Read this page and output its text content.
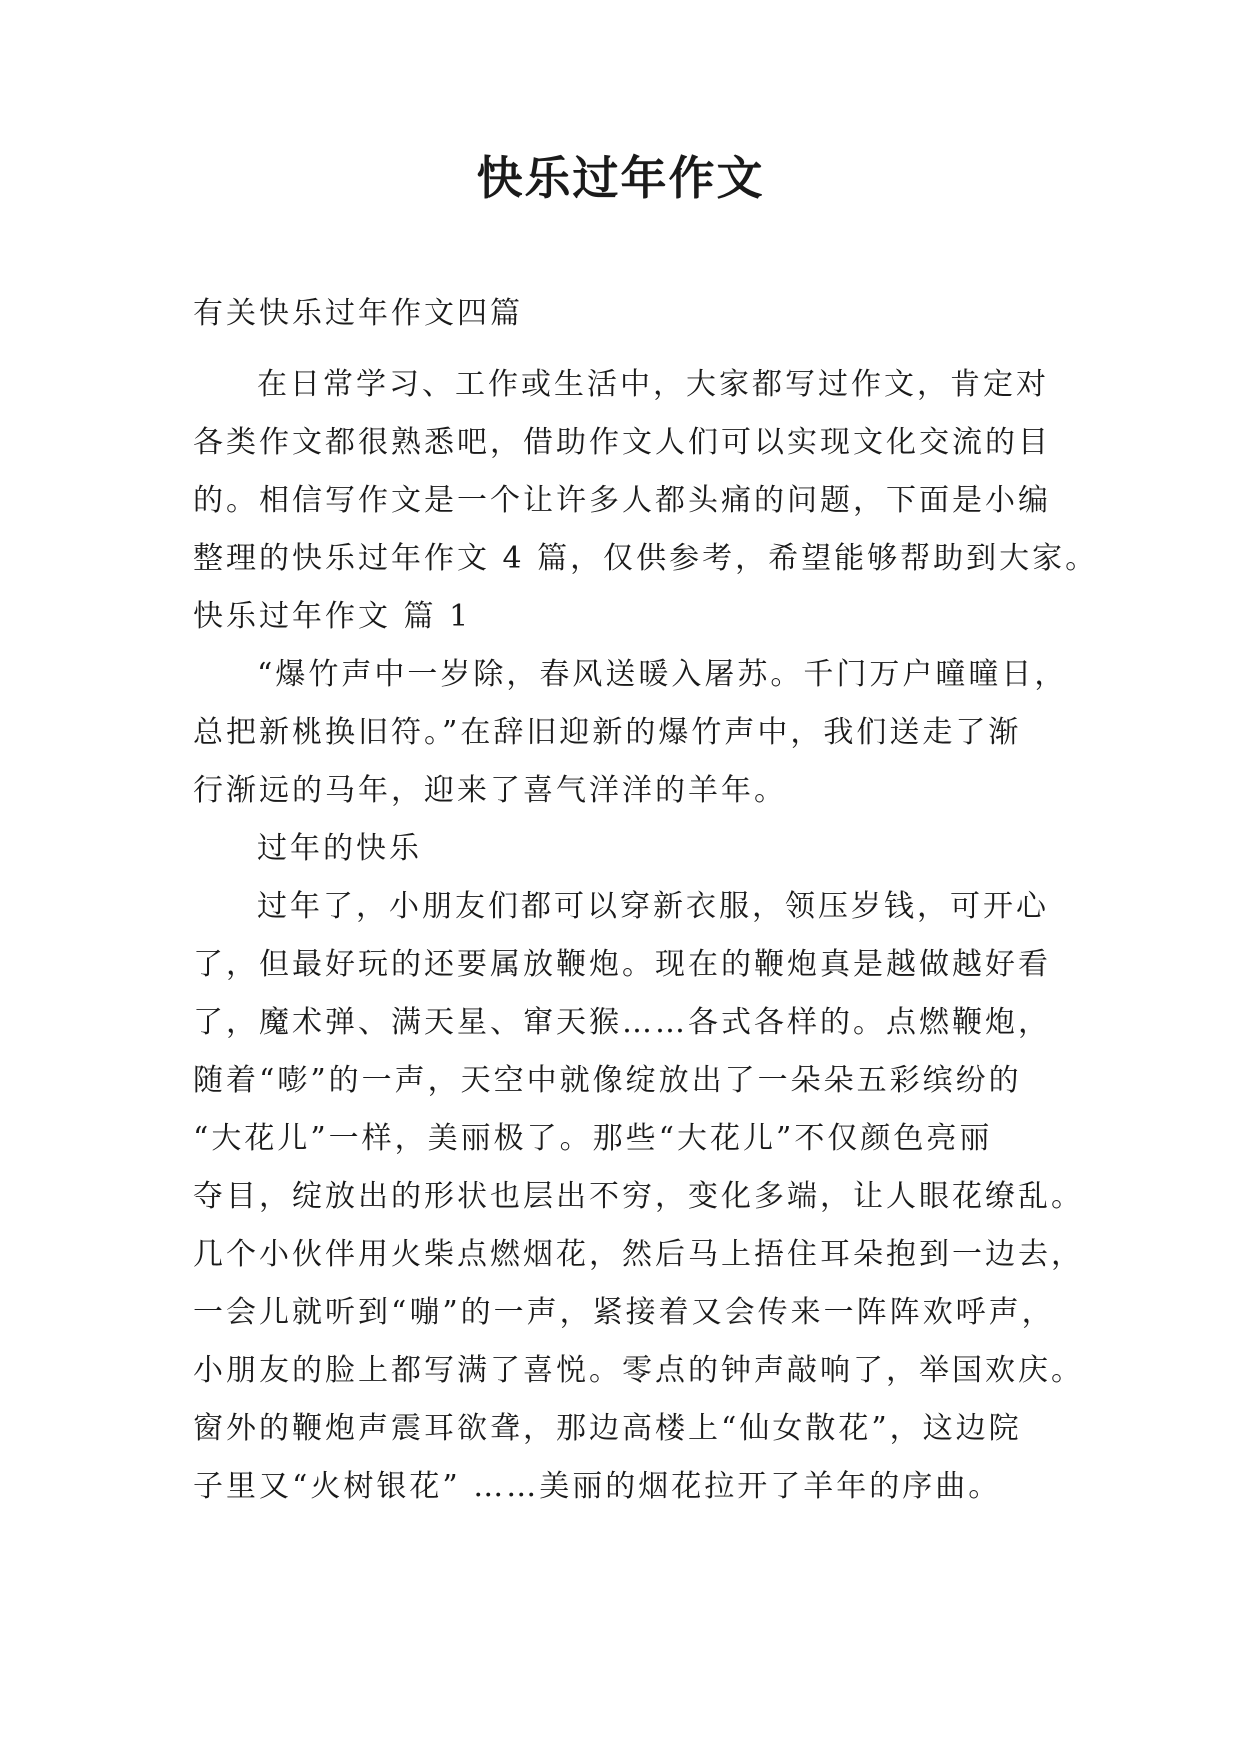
快乐过年作文
有关快乐过年作文四篇
在日常学习、工作或生活中，大家都写过作文，肯定对
各类作文都很熟悉吧，借助作文人们可以实现文化交流的目
的。相信写作文是一个让许多人都头痛的问题，下面是小编
整理的快乐过年作文 4 篇，仅供参考，希望能够帮助到大家。
快乐过年作文 篇 1
“爆竹声中一岁除，春风送暖入屠苏。千门万户曈曈日，
总把新桃换旧符。”在辞旧迎新的爆竹声中，我们送走了渐
行渐远的马年，迎来了喜气洋洋的羊年。
过年的快乐
过年了，小朋友们都可以穿新衣服，领压岁钱，可开心
了，但最好玩的还要属放鞭炮。现在的鞭炮真是越做越好看
了，魔术弹、满天星、窜天猴……各式各样的。点燃鞭炮，
随着“嘭”的一声，天空中就像绽放出了一朵朵五彩缤纷的
“大花儿”一样，美丽极了。那些“大花儿”不仅颜色亮丽
夺目，绽放出的形状也层出不穷，变化多端，让人眼花缭乱。
几个小伙伴用火柴点燃烟花，然后马上捂住耳朵抱到一边去，
一会儿就听到“嘣”的一声，紧接着又会传来一阵阵欢呼声，
小朋友的脸上都写满了喜悦。零点的钟声敲响了，举国欢庆。
窗外的鞭炮声震耳欲聋，那边高楼上“仙女散花”，这边院
子里又“火树银花” ……美丽的烟花拉开了羊年的序曲。
